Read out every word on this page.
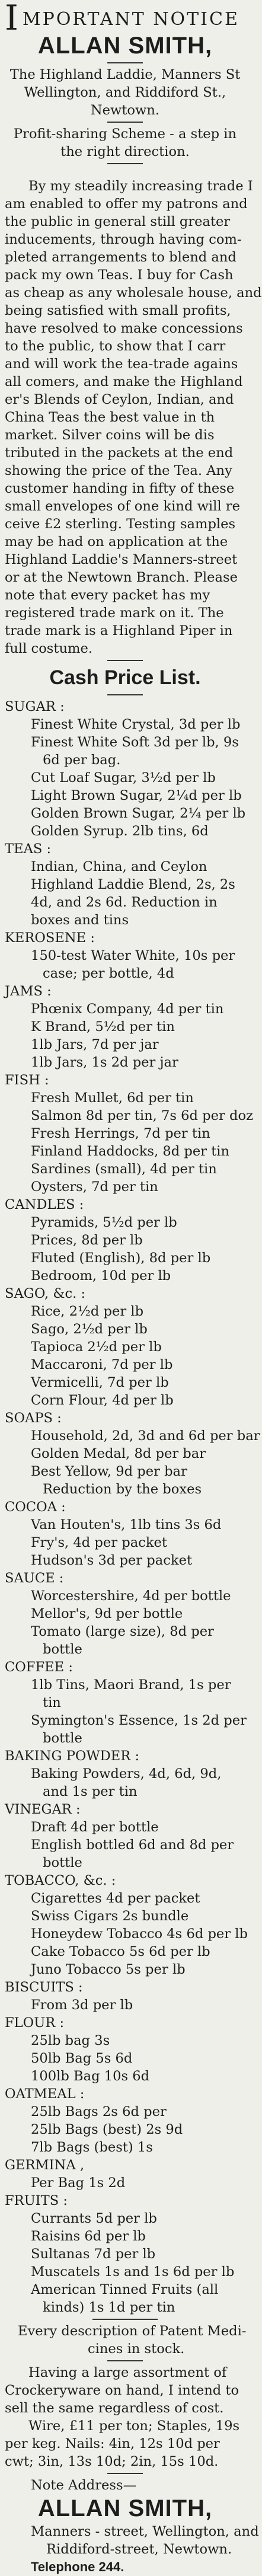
IMPORTANT NOTICE
ALLAN SMITH,
The Highland Laddie, Manners St
Wellington, and Riddiford St.,
Newtown.
Profit-sharing Scheme - a step in
the right direction.
By my steadily increasing trade I
am enabled to offer my patrons and
the public in general still greater
inducements, through having com-
pleted arrangements to blend and
pack my own Teas. I buy for Cash
as cheap as any wholesale house, and
being satisfied with small profits,
have resolved to make concessions
to the public, to show that I carr
and will work the tea-trade agains
all comers, and make the Highland
er's Blends of Ceylon, Indian, and
China Teas the best value in th
market. Silver coins will be dis
tributed in the packets at the end
showing the price of the Tea. Any
customer handing in fifty of these
small envelopes of one kind will re
ceive £2 sterling. Testing samples
may be had on application at the
Highland Laddie's Manners-street
or at the Newtown Branch. Please
note that every packet has my
registered trade mark on it. The
trade mark is a Highland Piper in
full costume.
Cash Price List.
SUGAR :
Finest White Crystal, 3d per lb
Finest White Soft 3d per lb, 9s
6d per bag.
Cut Loaf Sugar, 3½d per lb
Light Brown Sugar, 2¼d per lb
Golden Brown Sugar, 2¼ per lb
Golden Syrup. 2lb tins, 6d
TEAS :
Indian, China, and Ceylon
Highland Laddie Blend, 2s, 2s
4d, and 2s 6d. Reduction in
boxes and tins
KEROSENE :
150-test Water White, 10s per
case; per bottle, 4d
JAMS :
Phœnix Company, 4d per tin
K Brand, 5½d per tin
1lb Jars, 7d per jar
1lb Jars, 1s 2d per jar
FISH :
Fresh Mullet, 6d per tin
Salmon 8d per tin, 7s 6d per doz
Fresh Herrings, 7d per tin
Finland Haddocks, 8d per tin
Sardines (small), 4d per tin
Oysters, 7d per tin
CANDLES :
Pyramids, 5½d per lb
Prices, 8d per lb
Fluted (English), 8d per lb
Bedroom, 10d per lb
SAGO, &c. :
Rice, 2½d per lb
Sago, 2½d per lb
Tapioca 2½d per lb
Maccaroni, 7d per lb
Vermicelli, 7d per lb
Corn Flour, 4d per lb
SOAPS :
Household, 2d, 3d and 6d per bar
Golden Medal, 8d per bar
Best Yellow, 9d per bar
Reduction by the boxes
COCOA :
Van Houten's, 1lb tins 3s 6d
Fry's, 4d per packet
Hudson's 3d per packet
SAUCE :
Worcestershire, 4d per bottle
Mellor's, 9d per bottle
Tomato (large size), 8d per
bottle
COFFEE :
1lb Tins, Maori Brand, 1s per
tin
Symington's Essence, 1s 2d per
bottle
BAKING POWDER :
Baking Powders, 4d, 6d, 9d,
and 1s per tin
VINEGAR :
Draft 4d per bottle
English bottled 6d and 8d per
bottle
TOBACCO, &c. :
Cigarettes 4d per packet
Swiss Cigars 2s bundle
Honeydew Tobacco 4s 6d per lb
Cake Tobacco 5s 6d per lb
Juno Tobacco 5s per lb
BISCUITS :
From 3d per lb
FLOUR :
25lb bag 3s
50lb Bag 5s 6d
100lb Bag 10s 6d
OATMEAL :
25lb Bags 2s 6d per
25lb Bags (best) 2s 9d
7lb Bags (best) 1s
GERMINA ,
Per Bag 1s 2d
FRUITS :
Currants 5d per lb
Raisins 6d per lb
Sultanas 7d per lb
Muscatels 1s and 1s 6d per lb
American Tinned Fruits (all
kinds) 1s 1d per tin
Every description of Patent Medi-
cines in stock.
Having a large assortment of
Crockeryware on hand, I intend to
sell the same regardless of cost.
Wire, £11 per ton; Staples, 19s
per keg. Nails: 4in, 12s 10d per
cwt; 3in, 13s 10d; 2in, 15s 10d.
Note Address—
ALLAN SMITH,
Manners - street, Wellington, and
Riddiford-street, Newtown.
Telephone 244.
